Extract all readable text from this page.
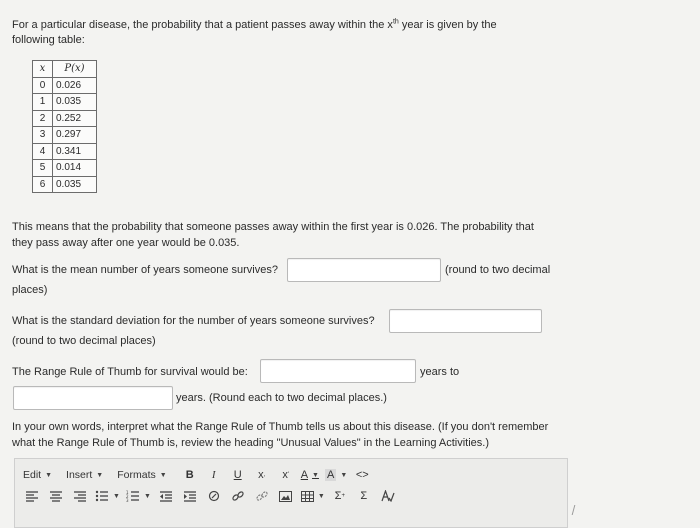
For a particular disease, the probability that a patient passes away within the $x^{th}$ year is given by the
following table:
x	P(x)
0	0.026
1	0.035
2	0.252
3	0.297
4	0.341
5	0.014
6	0.035
This means that the probability that someone passes away within the first year is 0.026. The probability that
they pass away after one year would be 0.035.
What is the mean number of years someone survives?	(round to two decimal
places)
What is the standard deviation for the number of years someone survives?
(round to two decimal places)
The Range Rule of Thumb for survival would be:	years to
years. (Round each to two decimal places.)
In your own words, interpret what the Range Rule of Thumb tells us about this disease. (If you don't remember
what the Range Rule of Thumb is, review the heading "Unusual Values" in the Learning Activities.)
Edit ▼ Insert ▼ Formats ▼	B	I	U	x , x ' A ▼ A ▼ <>
▼ 1
2
3
▼	▼ Σ +	Σ
